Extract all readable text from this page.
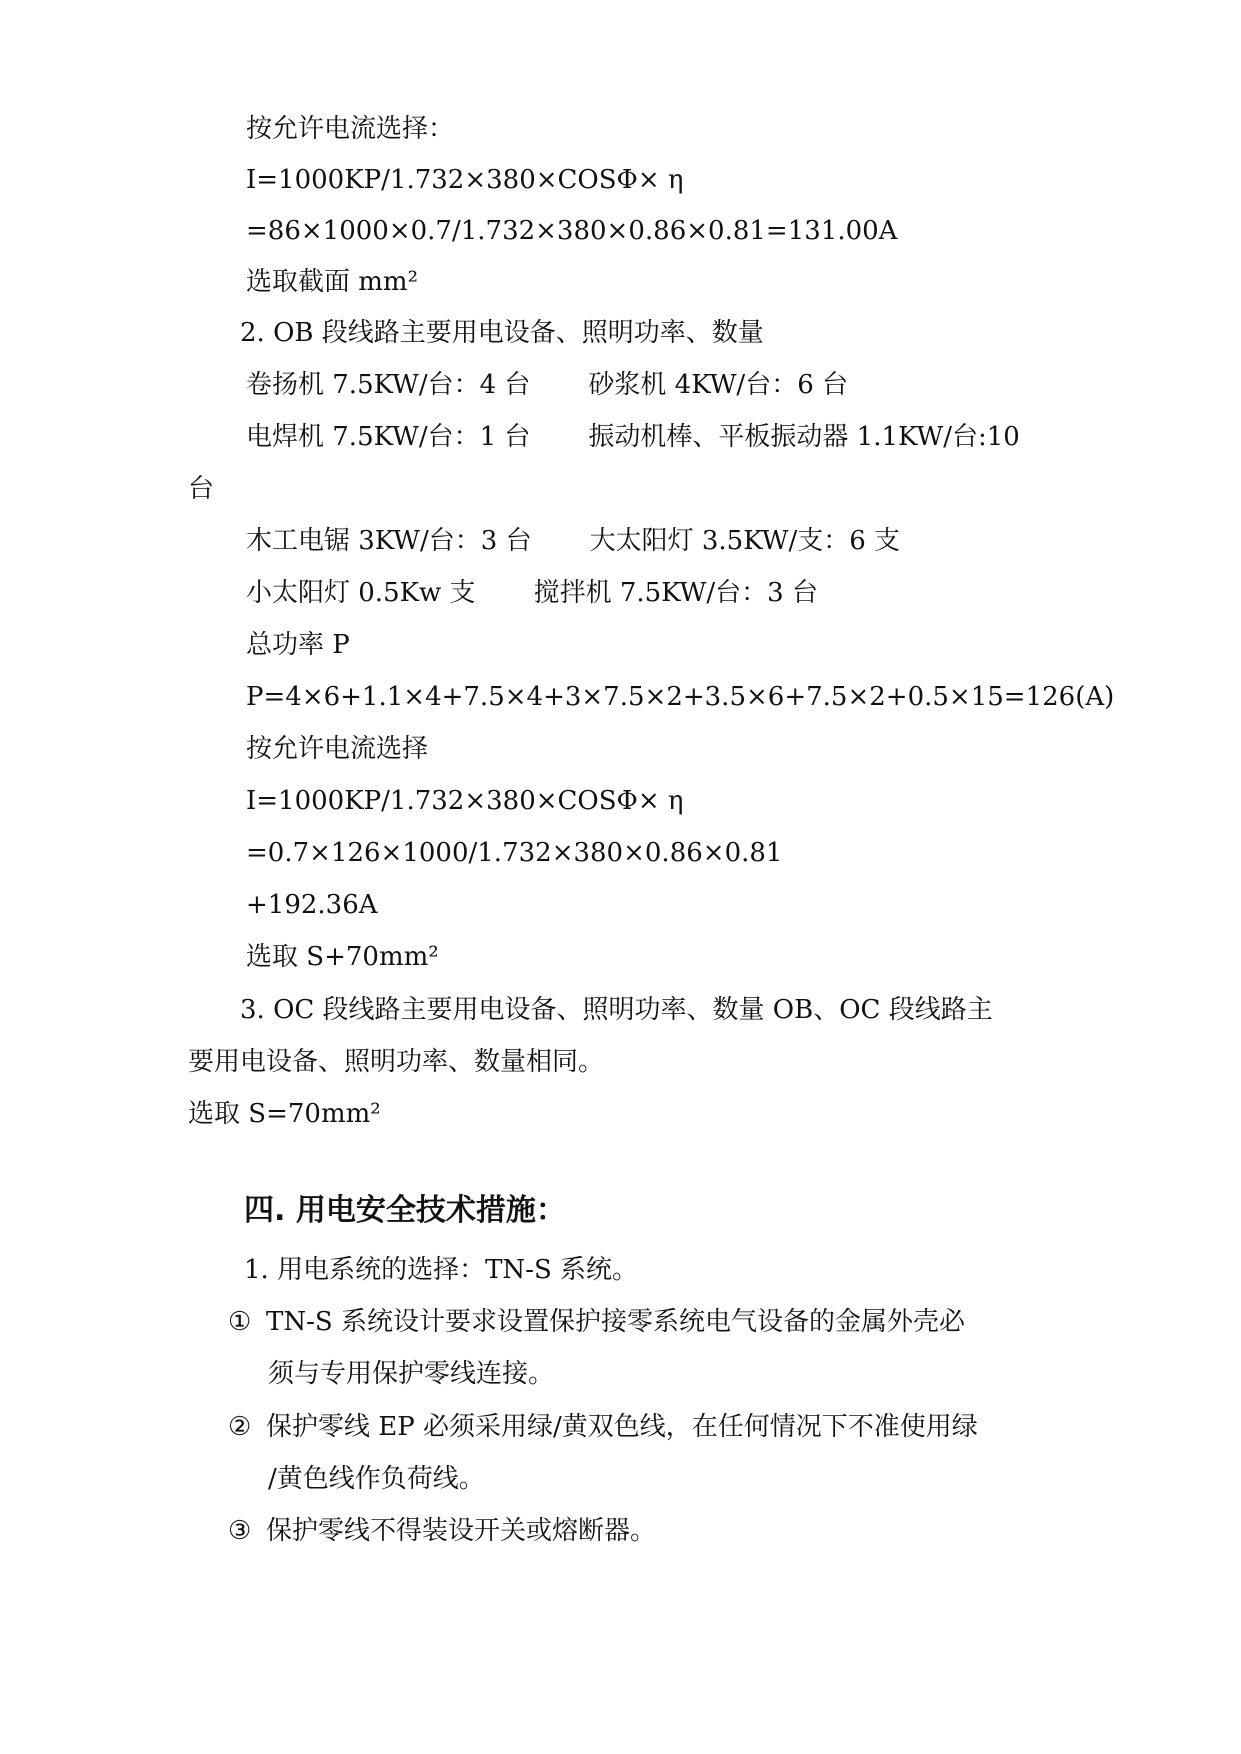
按允许电流选择：
I=1000KP/1.732×380×COSΦ× η
=86×1000×0.7/1.732×380×0.86×0.81=131.00A
选取截面 mm²
2. OB 段线路主要用电设备、照明功率、数量
卷扬机 7.5KW/台：4 台 砂浆机 4KW/台：6 台
电焊机 7.5KW/台：1 台 振动机棒、平板振动器 1.1KW/台:10
台
木工电锯 3KW/台：3 台 大太阳灯 3.5KW/支：6 支
小太阳灯 0.5Kw 支 搅拌机 7.5KW/台：3 台
总功率 P
P=4×6+1.1×4+7.5×4+3×7.5×2+3.5×6+7.5×2+0.5×15=126(A)
按允许电流选择
I=1000KP/1.732×380×COSΦ× η
=0.7×126×1000/1.732×380×0.86×0.81
+192.36A
选取 S+70mm²
3. OC 段线路主要用电设备、照明功率、数量 OB、OC 段线路主
要用电设备、照明功率、数量相同。
选取 S=70mm²
四. 用电安全技术措施：
1. 用电系统的选择：TN-S 系统。
① TN-S 系统设计要求设置保护接零系统电气设备的金属外壳必
须与专用保护零线连接。
② 保护零线 EP 必须采用绿/黄双色线，在任何情况下不准使用绿
/黄色线作负荷线。
③ 保护零线不得装设开关或熔断器。
